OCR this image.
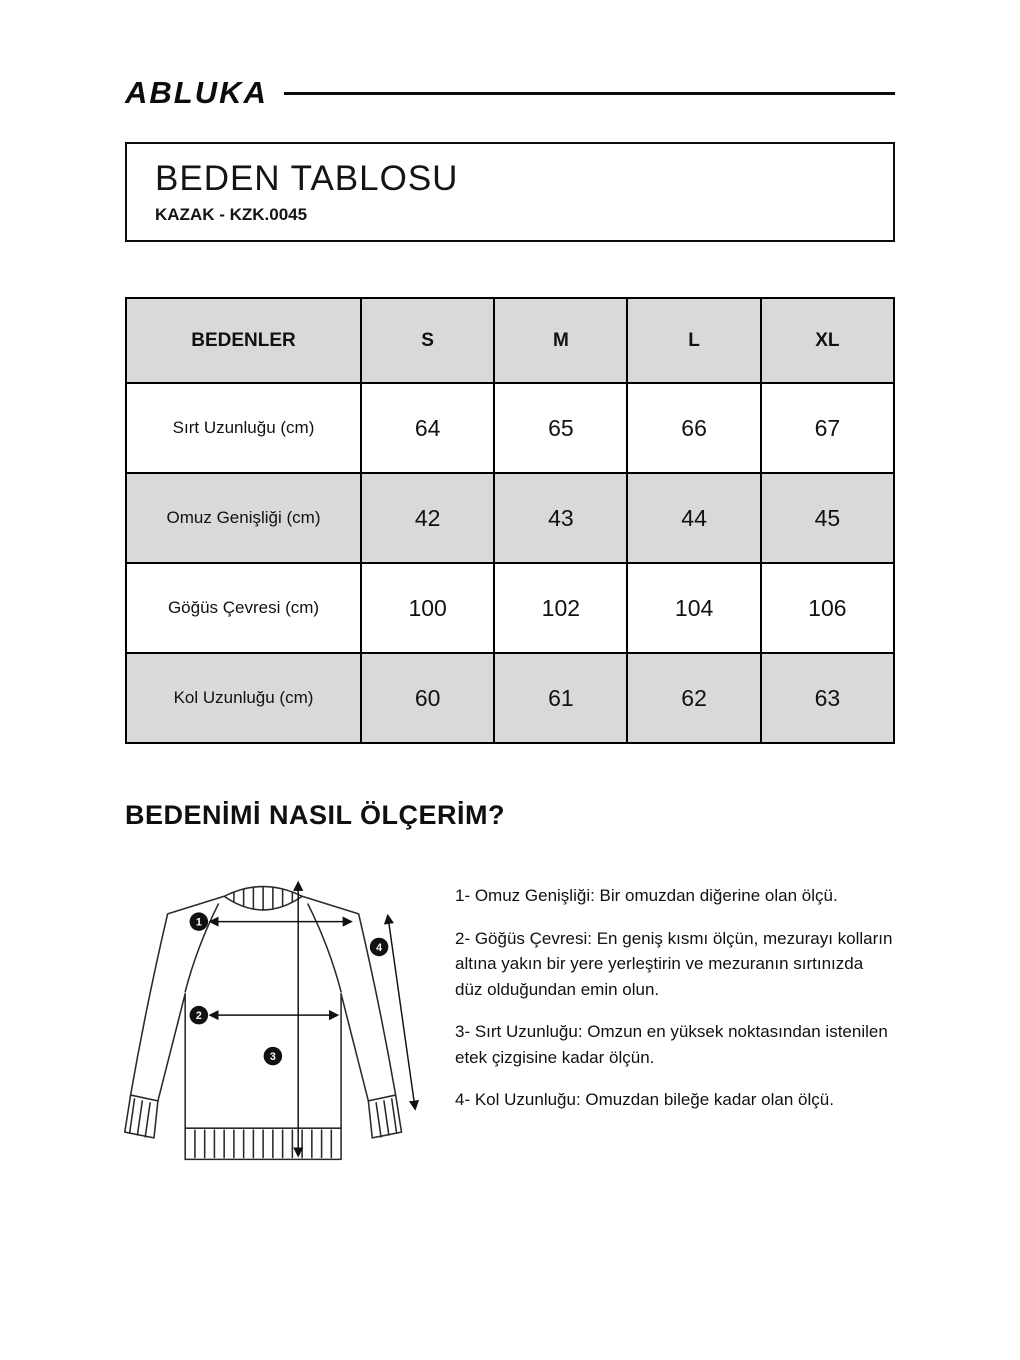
ABLUKA
BEDEN TABLOSU
KAZAK - KZK.0045
BEDENLER	S	M	L	XL
Sırt Uzunluğu (cm)	64	65	66	67
Omuz Genişliği (cm)	42	43	44	45
Göğüs Çevresi (cm)	100	102	104	106
Kol Uzunluğu (cm)	60	61	62	63
BEDENİMİ NASIL ÖLÇERİM?
1
2
3
4

1- Omuz Genişliği: Bir omuzdan diğerine olan ölçü.

2- Göğüs Çevresi: En geniş kısmı ölçün, mezurayı kolların altına yakın bir yere yerleştirin ve mezuranın sırtınızda düz olduğundan emin olun.

3- Sırt Uzunluğu: Omzun en yüksek noktasından istenilen etek çizgisine kadar ölçün.

4- Kol Uzunluğu: Omuzdan bileğe kadar olan ölçü.
